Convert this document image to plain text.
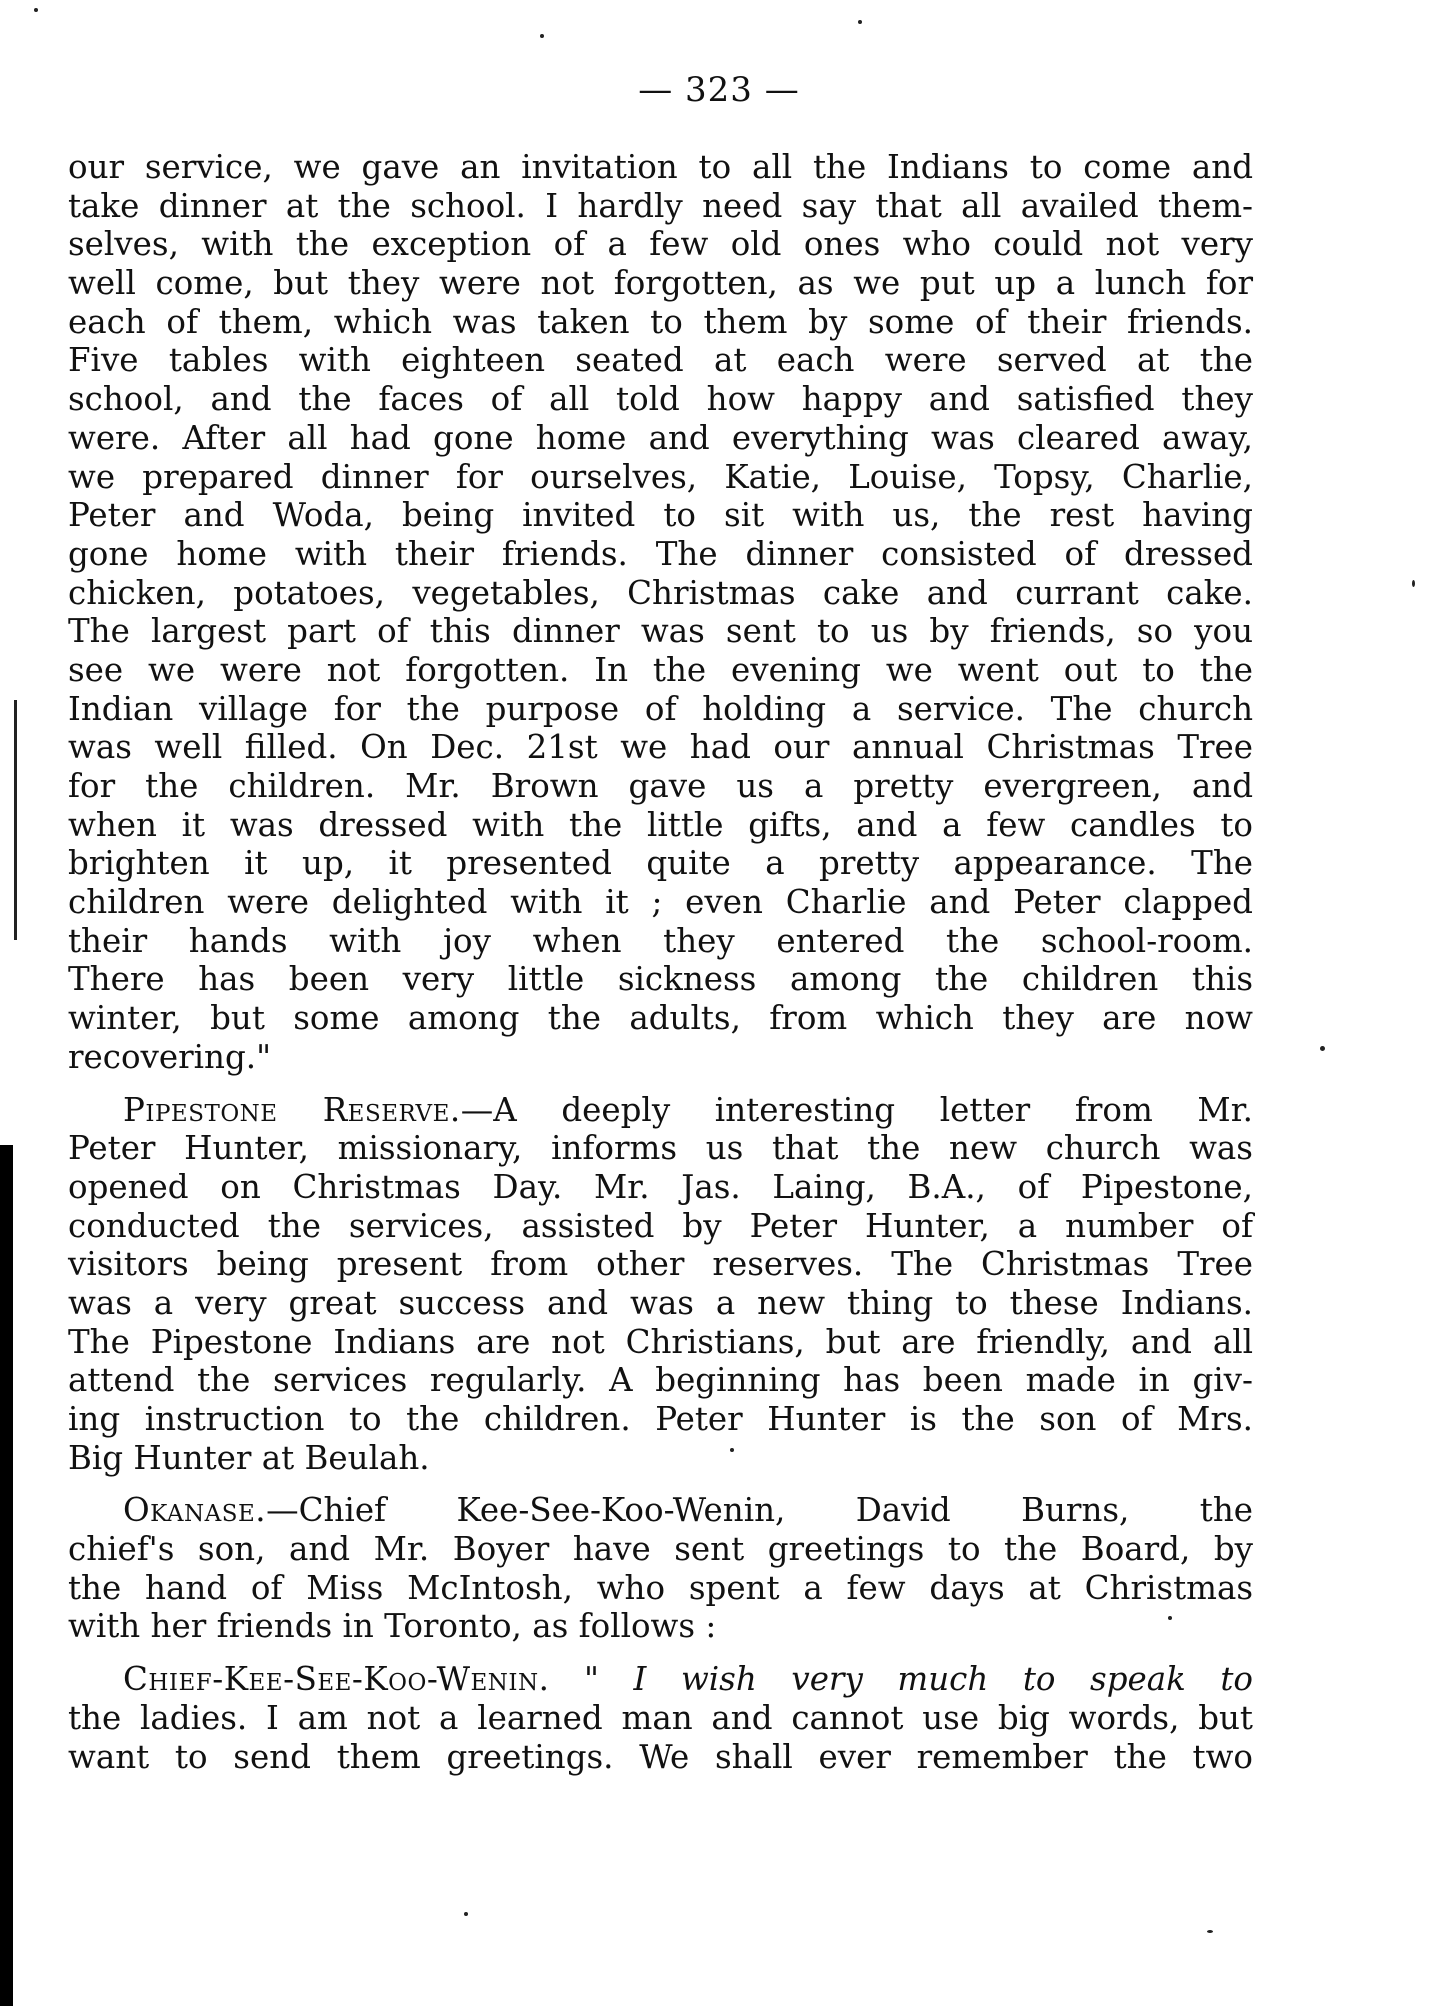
— 323 —
our service, we gave an invitation to all the Indians to come and
take dinner at the school. I hardly need say that all availed them-
selves, with the exception of a few old ones who could not very
well come, but they were not forgotten, as we put up a lunch for
each of them, which was taken to them by some of their friends.
Five tables with eighteen seated at each were served at the
school, and the faces of all told how happy and satisfied they
were. After all had gone home and everything was cleared away,
we prepared dinner for ourselves, Katie, Louise, Topsy, Charlie,
Peter and Woda, being invited to sit with us, the rest having
gone home with their friends. The dinner consisted of dressed
chicken, potatoes, vegetables, Christmas cake and currant cake.
The largest part of this dinner was sent to us by friends, so you
see we were not forgotten. In the evening we went out to the
Indian village for the purpose of holding a service. The church
was well filled. On Dec. 21st we had our annual Christmas Tree
for the children. Mr. Brown gave us a pretty evergreen, and
when it was dressed with the little gifts, and a few candles to
brighten it up, it presented quite a pretty appearance. The
children were delighted with it ; even Charlie and Peter clapped
their hands with joy when they entered the school-room.
There has been very little sickness among the children this
winter, but some among the adults, from which they are now
recovering."
Pipestone Reserve.—A deeply interesting letter from Mr.
Peter Hunter, missionary, informs us that the new church was
opened on Christmas Day. Mr. Jas. Laing, B.A., of Pipestone,
conducted the services, assisted by Peter Hunter, a number of
visitors being present from other reserves. The Christmas Tree
was a very great success and was a new thing to these Indians.
The Pipestone Indians are not Christians, but are friendly, and all
attend the services regularly. A beginning has been made in giv-
ing instruction to the children. Peter Hunter is the son of Mrs.
Big Hunter at Beulah.
Okanase.—Chief Kee-See-Koo-Wenin, David Burns, the
chief's son, and Mr. Boyer have sent greetings to the Board, by
the hand of Miss McIntosh, who spent a few days at Christmas
with her friends in Toronto, as follows :
Chief-Kee-See-Koo-Wenin. " I wish very much to speak to
the ladies. I am not a learned man and cannot use big words, but
want to send them greetings. We shall ever remember the two
